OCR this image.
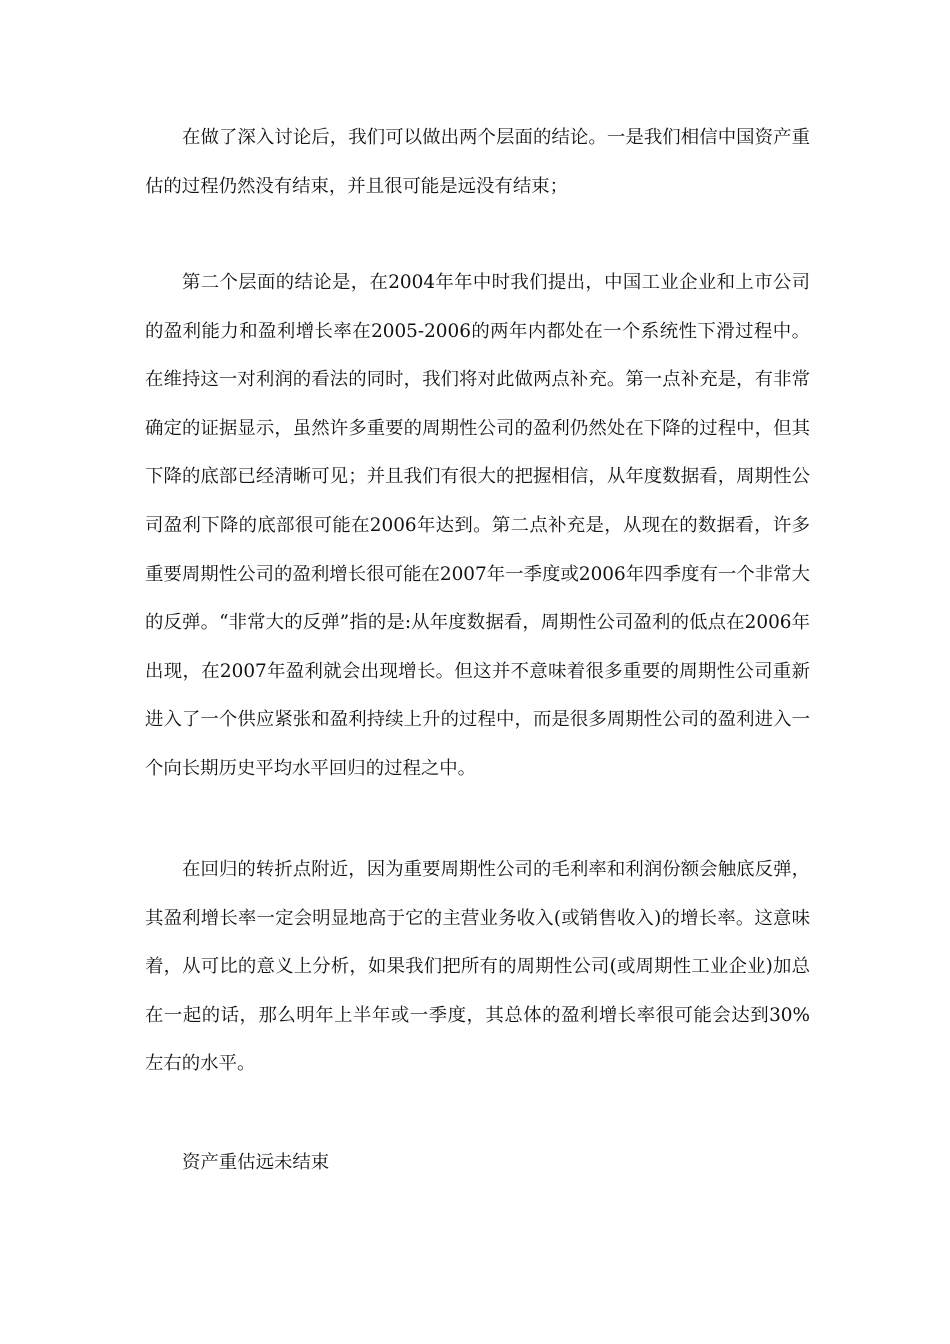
在做了深入讨论后，我们可以做出两个层面的结论。一是我们相信中国资产重估的过程仍然没有结束，并且很可能是远没有结束；

第二个层面的结论是，在2004年年中时我们提出，中国工业企业和上市公司的盈利能力和盈利增长率在2005-2006的两年内都处在一个系统性下滑过程中。在维持这一对利润的看法的同时，我们将对此做两点补充。第一点补充是，有非常确定的证据显示，虽然许多重要的周期性公司的盈利仍然处在下降的过程中，但其下降的底部已经清晰可见；并且我们有很大的把握相信，从年度数据看，周期性公司盈利下降的底部很可能在2006年达到。第二点补充是，从现在的数据看，许多重要周期性公司的盈利增长很可能在2007年一季度或2006年四季度有一个非常大的反弹。“非常大的反弹”指的是:从年度数据看，周期性公司盈利的低点在2006年出现，在2007年盈利就会出现增长。但这并不意味着很多重要的周期性公司重新进入了一个供应紧张和盈利持续上升的过程中，而是很多周期性公司的盈利进入一个向长期历史平均水平回归的过程之中。

在回归的转折点附近，因为重要周期性公司的毛利率和利润份额会触底反弹，其盈利增长率一定会明显地高于它的主营业务收入(或销售收入)的增长率。这意味着，从可比的意义上分析，如果我们把所有的周期性公司(或周期性工业企业)加总在一起的话，那么明年上半年或一季度，其总体的盈利增长率很可能会达到30%左右的水平。

资产重估远未结束
